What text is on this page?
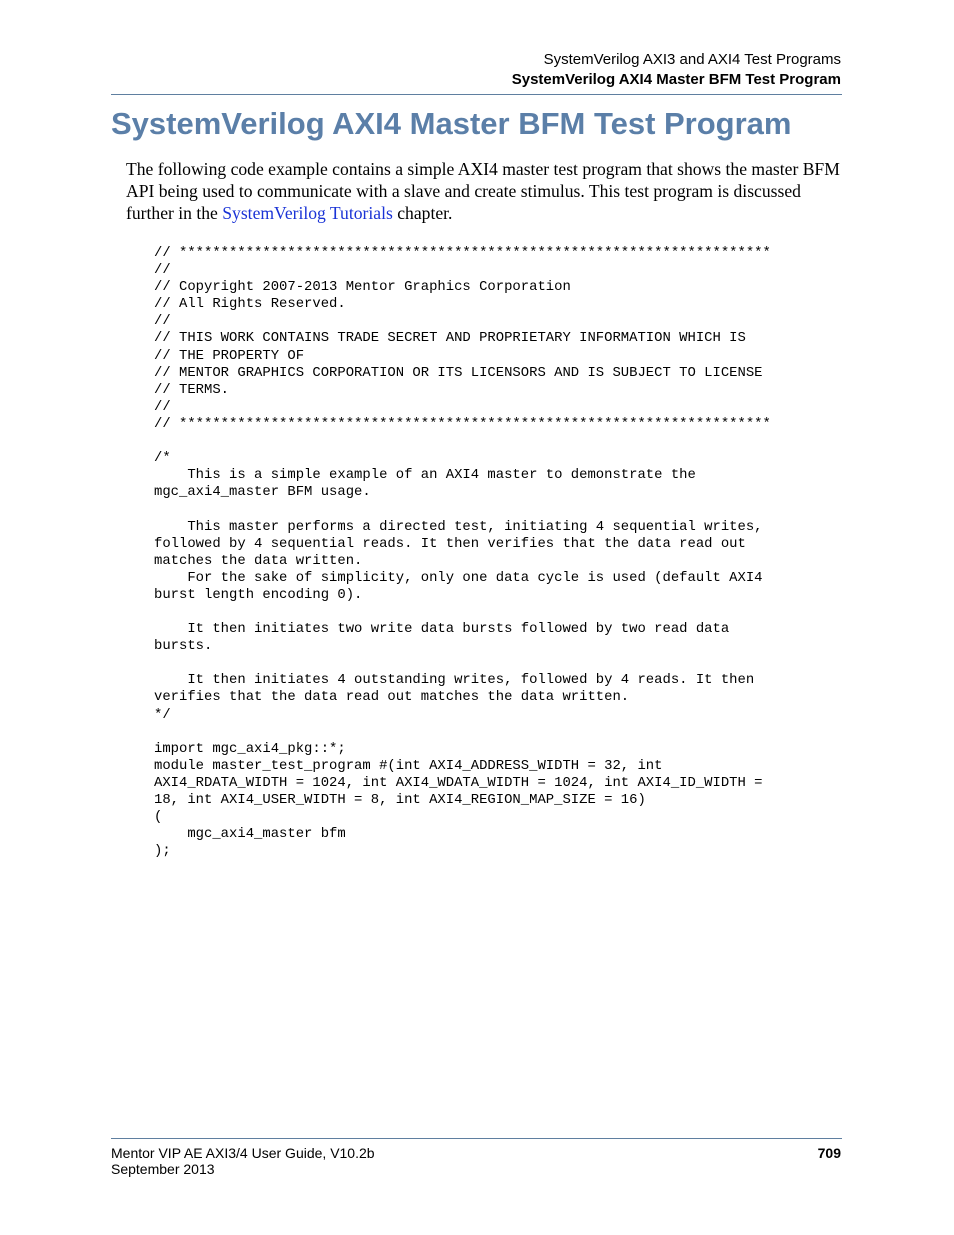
SystemVerilog AXI3 and AXI4 Test Programs
SystemVerilog AXI4 Master BFM Test Program
SystemVerilog AXI4 Master BFM Test Program

The following code example contains a simple AXI4 master test program that shows the master BFM API being used to communicate with a slave and create stimulus. This test program is discussed further in the SystemVerilog Tutorials chapter.

// ***********************************************************************
//
// Copyright 2007-2013 Mentor Graphics Corporation
// All Rights Reserved.
//
// THIS WORK CONTAINS TRADE SECRET AND PROPRIETARY INFORMATION WHICH IS
// THE PROPERTY OF
// MENTOR GRAPHICS CORPORATION OR ITS LICENSORS AND IS SUBJECT TO LICENSE
// TERMS.
//
// ***********************************************************************

/*
This is a simple example of an AXI4 master to demonstrate the
mgc_axi4_master BFM usage.

This master performs a directed test, initiating 4 sequential writes,
followed by 4 sequential reads. It then verifies that the data read out
matches the data written.
For the sake of simplicity, only one data cycle is used (default AXI4
burst length encoding 0).

It then initiates two write data bursts followed by two read data
bursts.

It then initiates 4 outstanding writes, followed by 4 reads. It then
verifies that the data read out matches the data written.
*/

import mgc_axi4_pkg::*;
module master_test_program #(int AXI4_ADDRESS_WIDTH = 32, int
AXI4_RDATA_WIDTH = 1024, int AXI4_WDATA_WIDTH = 1024, int AXI4_ID_WIDTH =
18, int AXI4_USER_WIDTH = 8, int AXI4_REGION_MAP_SIZE = 16)
(
mgc_axi4_master bfm
);
Mentor VIP AE AXI3/4 User Guide, V10.2b
September 2013
709
